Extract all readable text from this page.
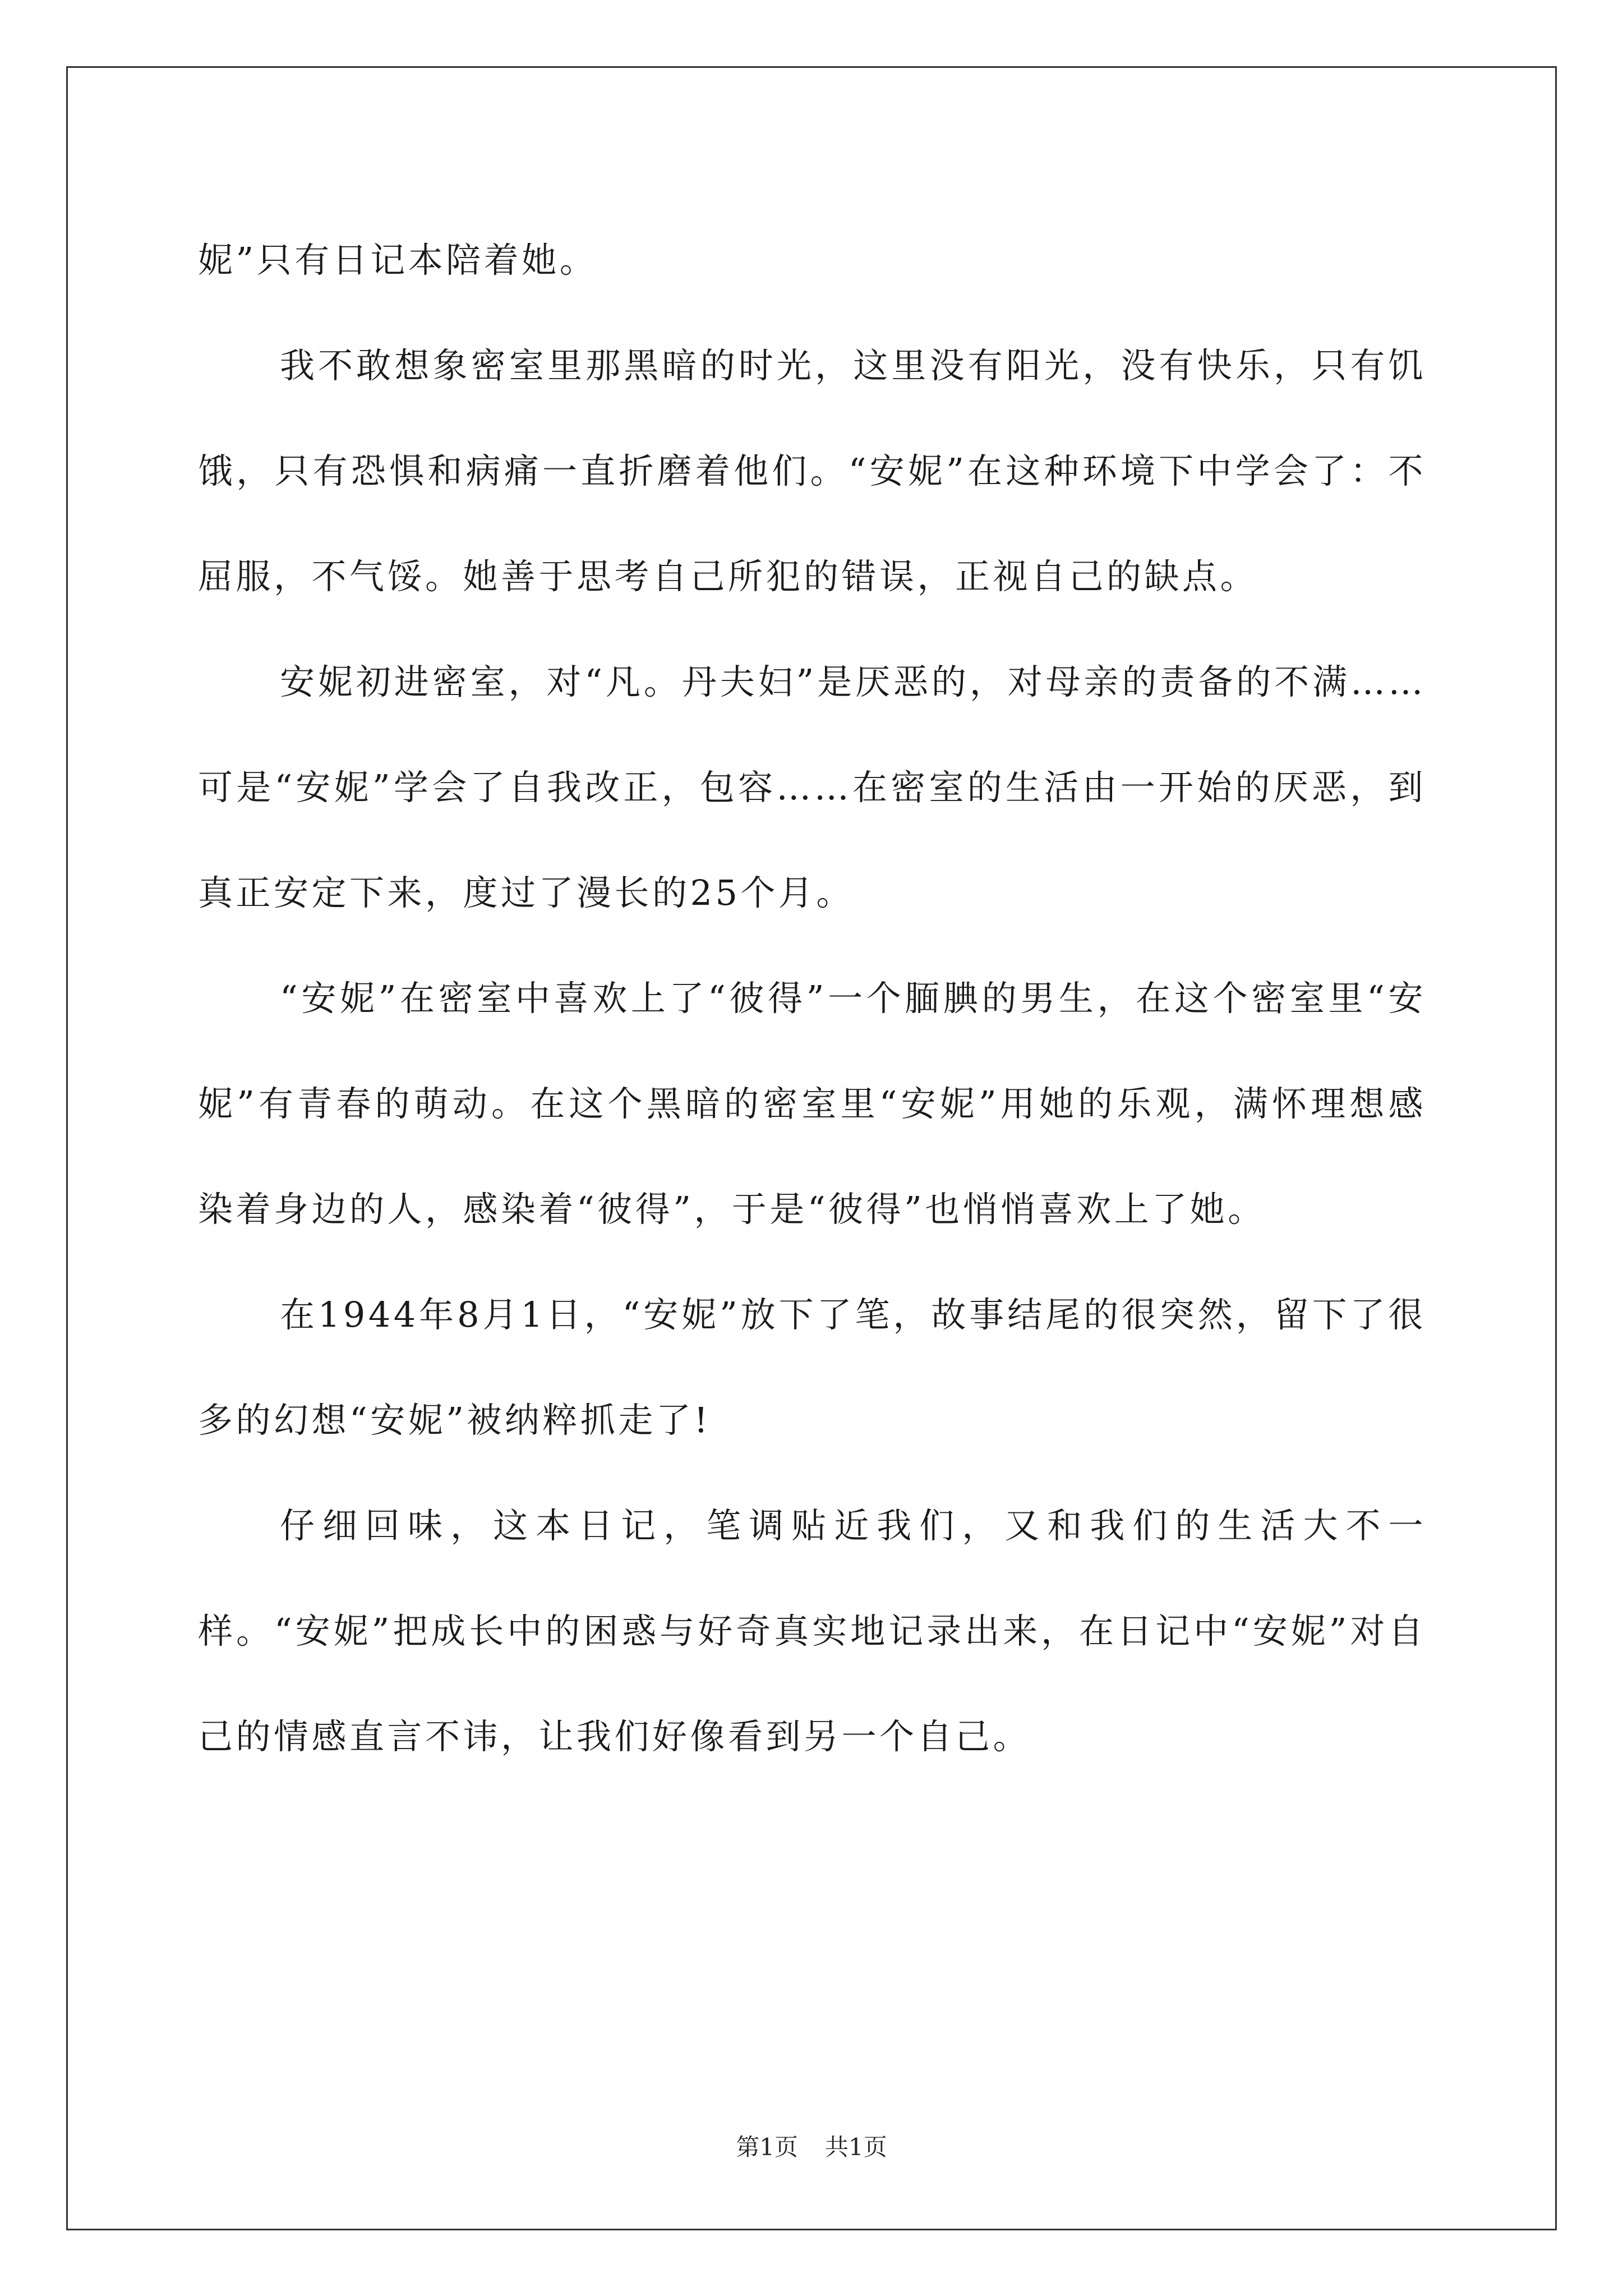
妮”只有日记本陪着她。

我不敢想象密室里那黑暗的时光，这里没有阳光，没有快乐，只有饥饿，只有恐惧和病痛一直折磨着他们。“安妮”在这种环境下中学会了：不屈服，不气馁。她善于思考自己所犯的错误，正视自己的缺点。

安妮初进密室，对“凡。丹夫妇”是厌恶的，对母亲的责备的不满……可是“安妮”学会了自我改正，包容……在密室的生活由一开始的厌恶，到真正安定下来，度过了漫长的25个月。

“安妮”在密室中喜欢上了“彼得”一个腼腆的男生，在这个密室里“安妮”有青春的萌动。在这个黑暗的密室里“安妮”用她的乐观，满怀理想感染着身边的人，感染着“彼得”，于是“彼得”也悄悄喜欢上了她。

在1944年8月1日，“安妮”放下了笔，故事结尾的很突然，留下了很多的幻想“安妮”被纳粹抓走了!

仔细回味，这本日记，笔调贴近我们，又和我们的生活大不一样。“安妮”把成长中的困惑与好奇真实地记录出来，在日记中“安妮”对自己的情感直言不讳，让我们好像看到另一个自己。

第1页 共1页
